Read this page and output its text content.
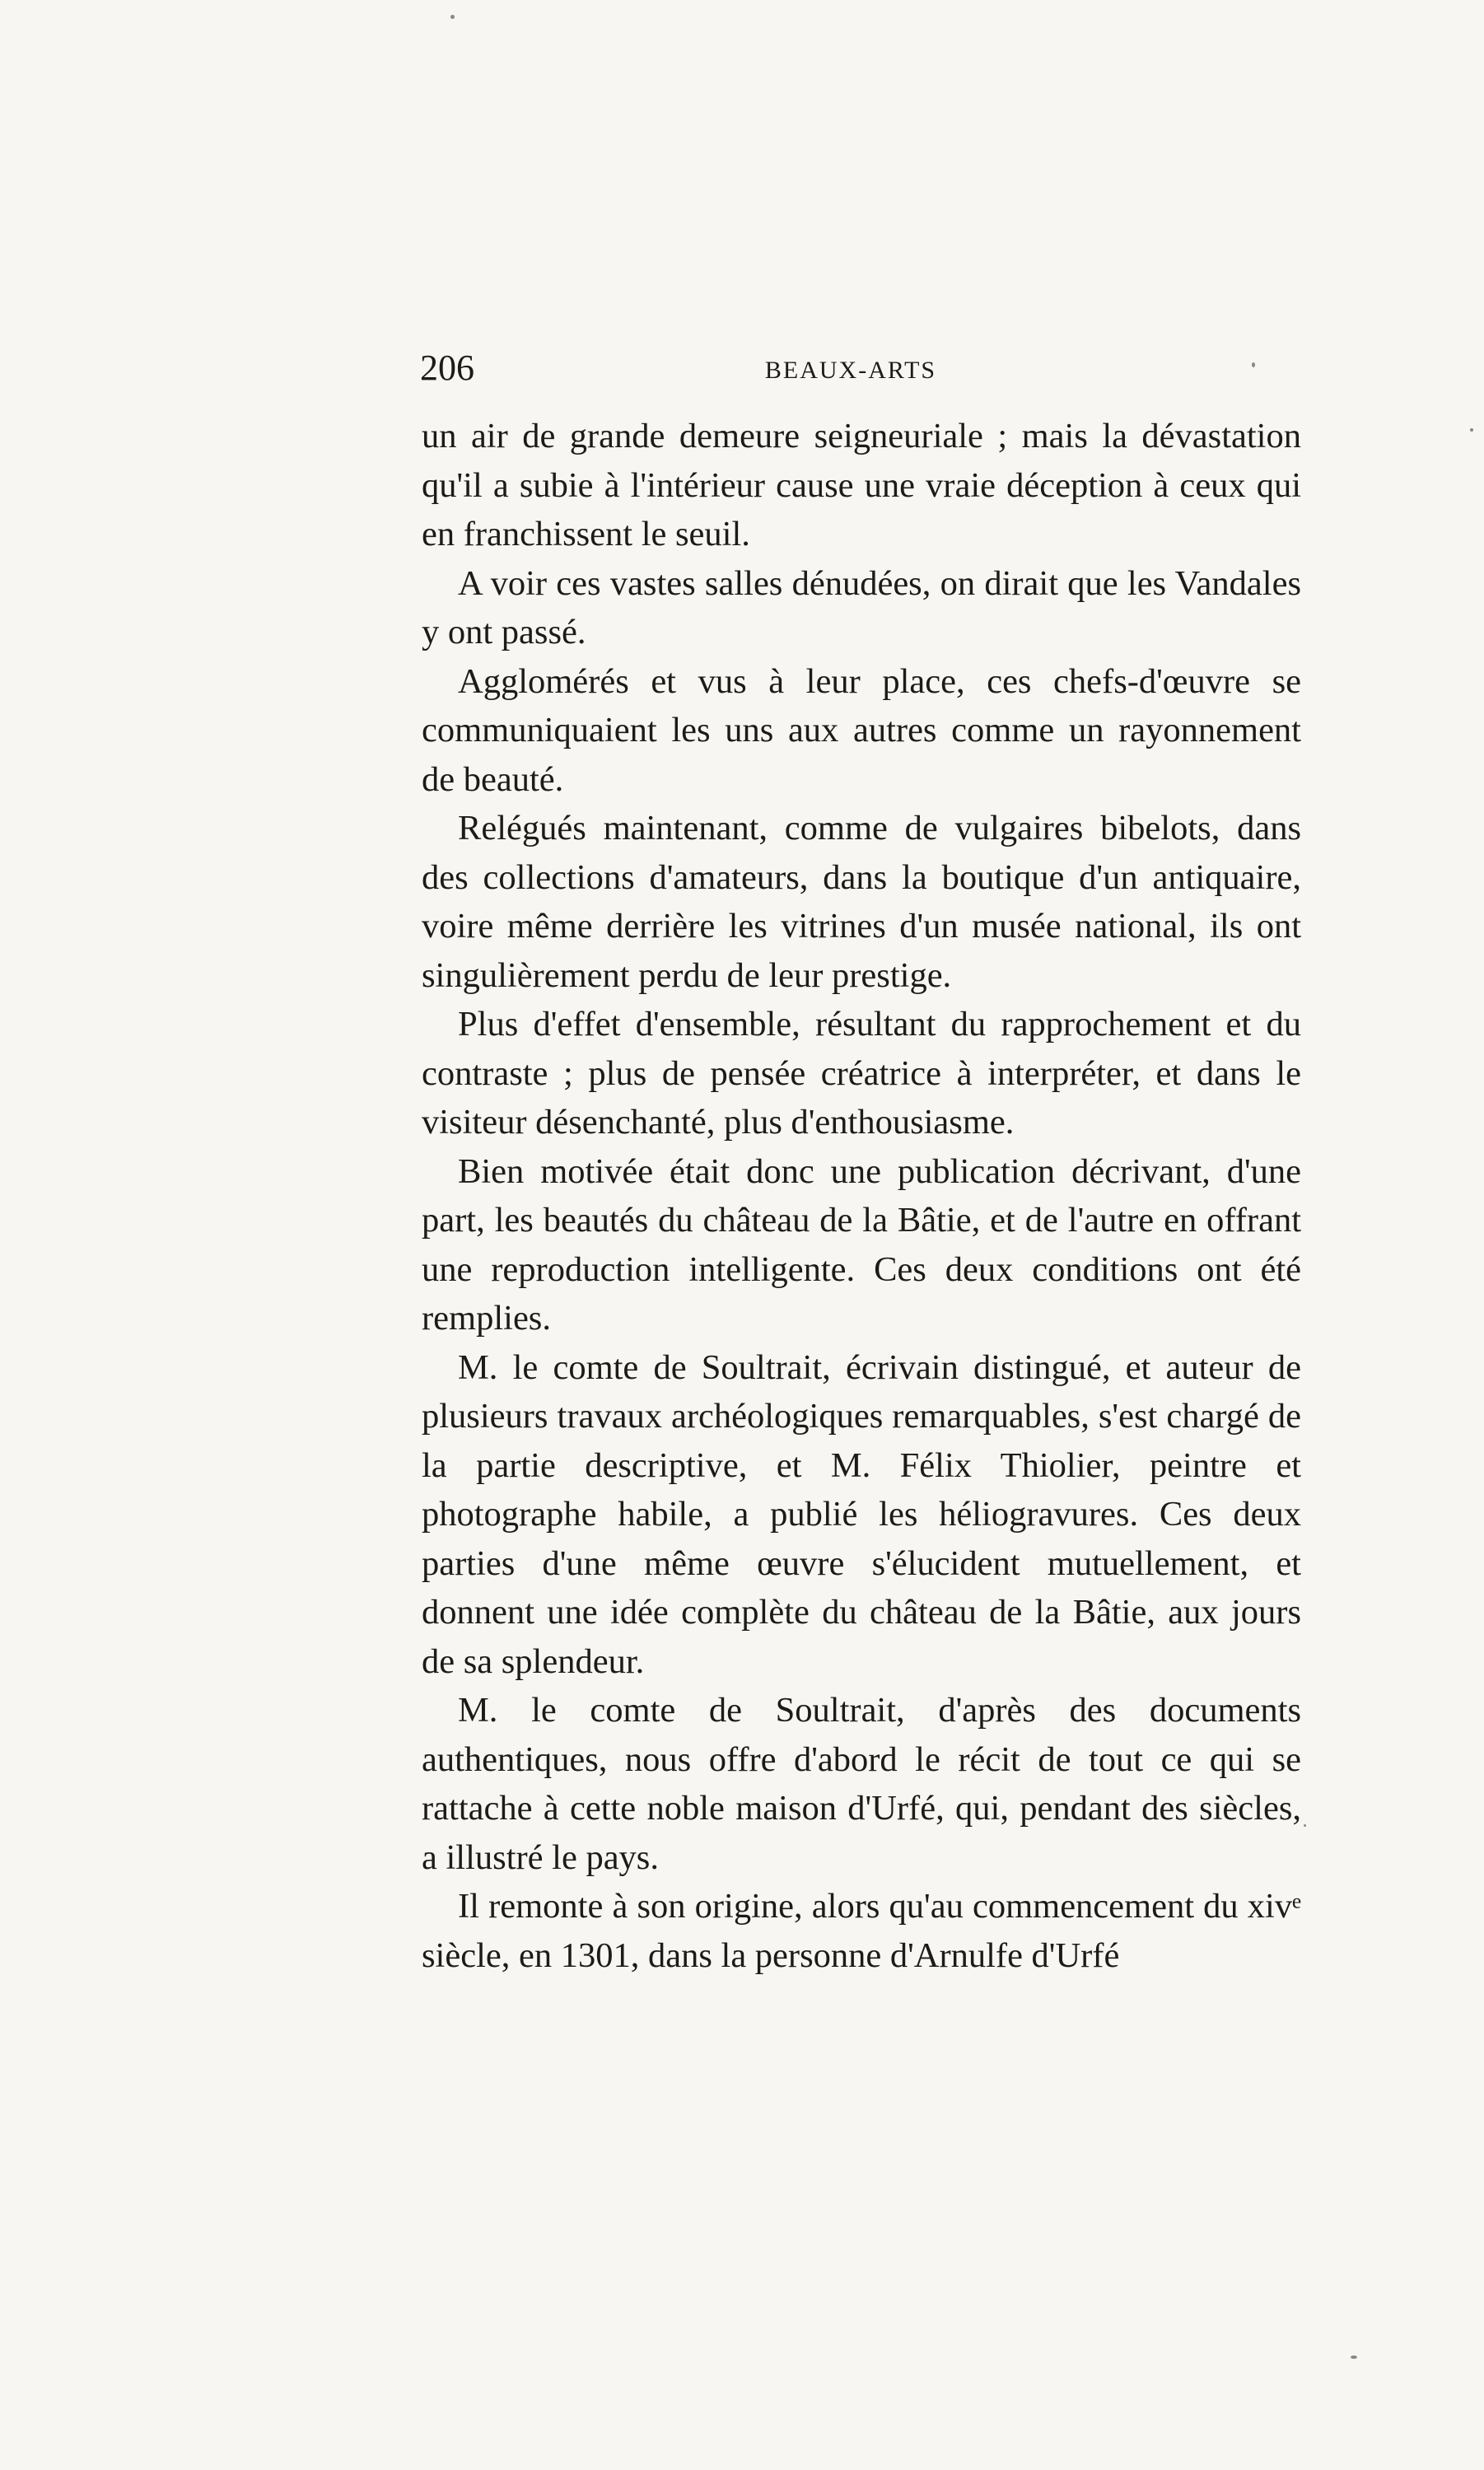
206	BEAUX-ARTS

un air de grande demeure seigneuriale ; mais la dévastation qu'il a subie à l'intérieur cause une vraie déception à ceux qui en franchissent le seuil.

A voir ces vastes salles dénudées, on dirait que les Vandales y ont passé.

Agglomérés et vus à leur place, ces chefs-d'œuvre se communiquaient les uns aux autres comme un rayonnement de beauté.

Relégués maintenant, comme de vulgaires bibelots, dans des collections d'amateurs, dans la boutique d'un antiquaire, voire même derrière les vitrines d'un musée national, ils ont singulièrement perdu de leur prestige.

Plus d'effet d'ensemble, résultant du rapprochement et du contraste ; plus de pensée créatrice à interpréter, et dans le visiteur désenchanté, plus d'enthousiasme.

Bien motivée était donc une publication décrivant, d'une part, les beautés du château de la Bâtie, et de l'autre en offrant une reproduction intelligente. Ces deux conditions ont été remplies.

M. le comte de Soultrait, écrivain distingué, et auteur de plusieurs travaux archéologiques remarquables, s'est chargé de la partie descriptive, et M. Félix Thiolier, peintre et photographe habile, a publié les héliogravures. Ces deux parties d'une même œuvre s'élucident mutuellement, et donnent une idée complète du château de la Bâtie, aux jours de sa splendeur.

M. le comte de Soultrait, d'après des documents authentiques, nous offre d'abord le récit de tout ce qui se rattache à cette noble maison d'Urfé, qui, pendant des siècles, a illustré le pays.

Il remonte à son origine, alors qu'au commencement du xivᵉ siècle, en 1301, dans la personne d'Arnulfe d'Urfé
